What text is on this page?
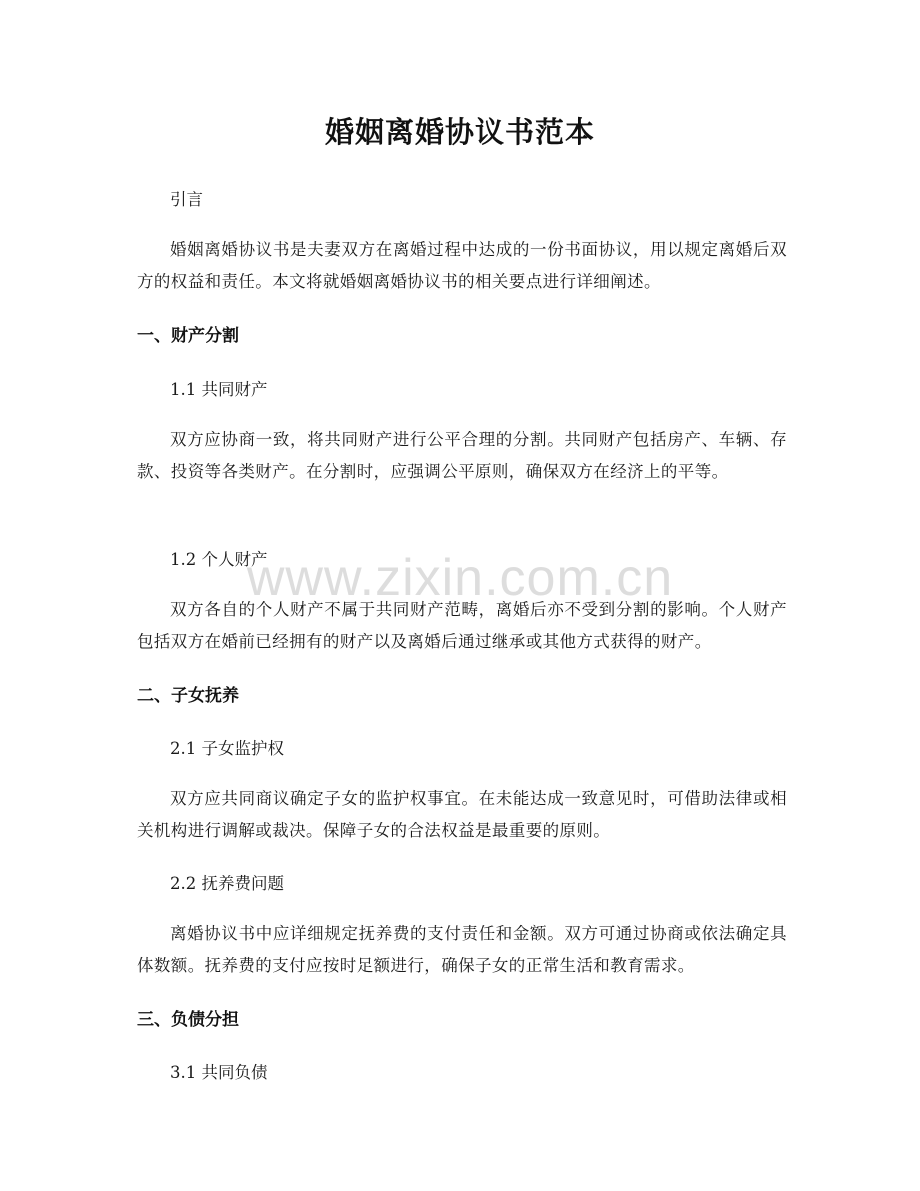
婚姻离婚协议书范本
引言
婚姻离婚协议书是夫妻双方在离婚过程中达成的一份书面协议，用以规定离婚后双方的权益和责任。本文将就婚姻离婚协议书的相关要点进行详细阐述。
一、财产分割
1.1 共同财产
双方应协商一致，将共同财产进行公平合理的分割。共同财产包括房产、车辆、存款、投资等各类财产。在分割时，应强调公平原则，确保双方在经济上的平等。
1.2 个人财产
双方各自的个人财产不属于共同财产范畴，离婚后亦不受到分割的影响。个人财产包括双方在婚前已经拥有的财产以及离婚后通过继承或其他方式获得的财产。
二、子女抚养
2.1 子女监护权
双方应共同商议确定子女的监护权事宜。在未能达成一致意见时，可借助法律或相关机构进行调解或裁决。保障子女的合法权益是最重要的原则。
2.2 抚养费问题
离婚协议书中应详细规定抚养费的支付责任和金额。双方可通过协商或依法确定具体数额。抚养费的支付应按时足额进行，确保子女的正常生活和教育需求。
三、负债分担
3.1 共同负债
www.zixin.com.cn
